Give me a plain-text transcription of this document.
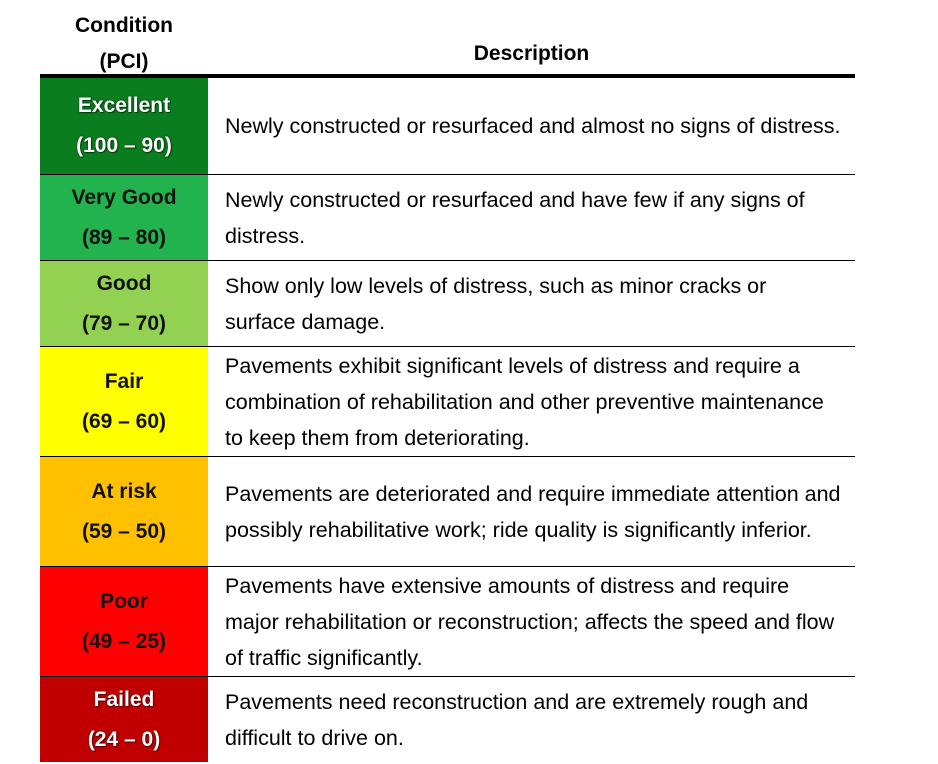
Condition
(PCI)	Description
Excellent
(100 – 90)
Newly constructed or resurfaced and almost no signs of distress.
Very Good
(89 – 80)
Newly constructed or resurfaced and have few if any signs of distress.
Good
(79 – 70)
Show only low levels of distress, such as minor cracks or surface damage.
Fair
(69 – 60)
Pavements exhibit significant levels of distress and require a combination of rehabilitation and other preventive maintenance to keep them from deteriorating.
At risk
(59 – 50)
Pavements are deteriorated and require immediate attention and possibly rehabilitative work; ride quality is significantly inferior.
Poor
(49 – 25)
Pavements have extensive amounts of distress and require major rehabilitation or reconstruction; affects the speed and flow of traffic significantly.
Failed
(24 – 0)
Pavements need reconstruction and are extremely rough and difficult to drive on.
